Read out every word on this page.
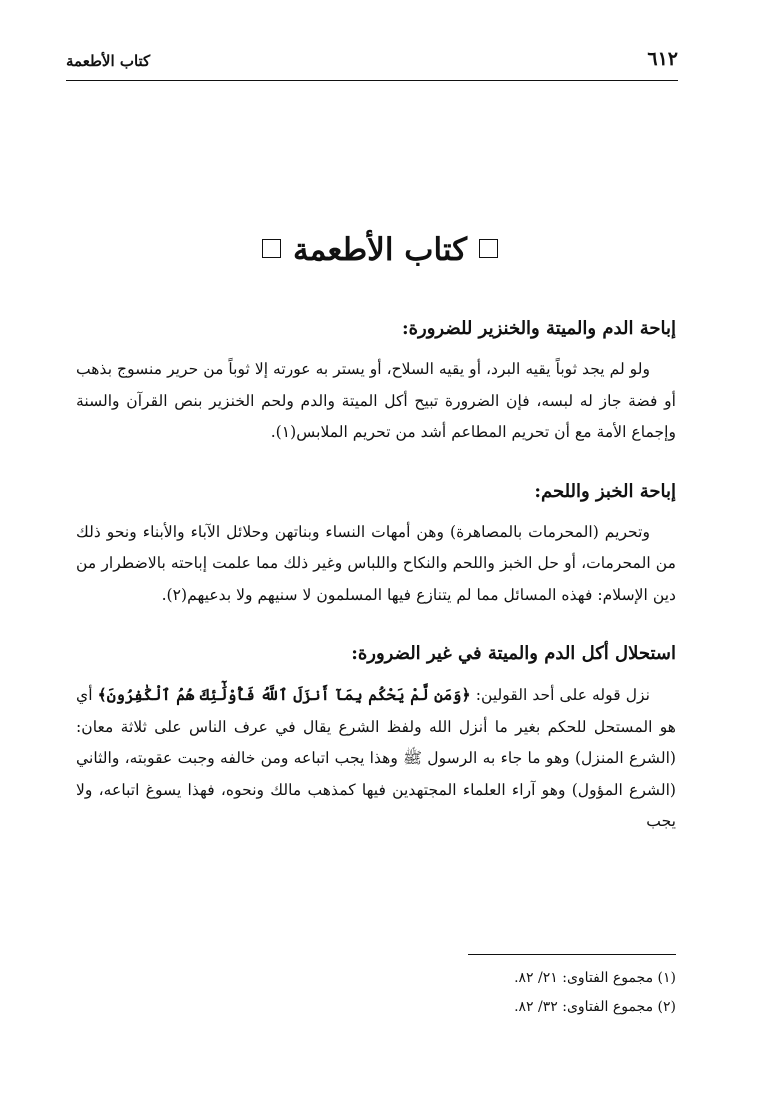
٦١٢
كتاب الأطعمة
كتاب الأطعمة
إباحة الدم والميتة والخنزير للضرورة:

ولو لم يجد ثوباً يقيه البرد، أو يقيه السلاح، أو يستر به عورته إلا ثوباً من حرير منسوج بذهب أو فضة جاز له لبسه، فإن الضرورة تبيح أكل الميتة والدم ولحم الخنزير بنص القرآن والسنة وإجماع الأمة مع أن تحريم المطاعم أشد من تحريم الملابس(١).

إباحة الخبز واللحم:

وتحريم (المحرمات بالمصاهرة) وهن أمهات النساء وبناتهن وحلائل الآباء والأبناء ونحو ذلك من المحرمات، أو حل الخبز واللحم والنكاح واللباس وغير ذلك مما علمت إباحته بالاضطرار من دين الإسلام: فهذه المسائل مما لم يتنازع فيها المسلمون لا سنيهم ولا بدعيهم(٢).

استحلال أكل الدم والميتة في غير الضرورة:

نزل قوله على أحد القولين: ﴿وَمَن لَّمْ يَحْكُم بِمَآ أَنزَلَ ٱللَّهُ فَأُوْلَٰٓئِكَ هُمُ ٱلْكَٰفِرُونَ﴾ أي هو المستحل للحكم بغير ما أنزل الله ولفظ الشرع يقال في عرف الناس على ثلاثة معان: (الشرع المنزل) وهو ما جاء به الرسول ﷺ وهذا يجب اتباعه ومن خالفه وجبت عقوبته، والثاني (الشرع المؤول) وهو آراء العلماء المجتهدين فيها كمذهب مالك ونحوه، فهذا يسوغ اتباعه، ولا يجب

(١) مجموع الفتاوى: ٢١/ ٨٢.

(٢) مجموع الفتاوى: ٣٢/ ٨٢.
